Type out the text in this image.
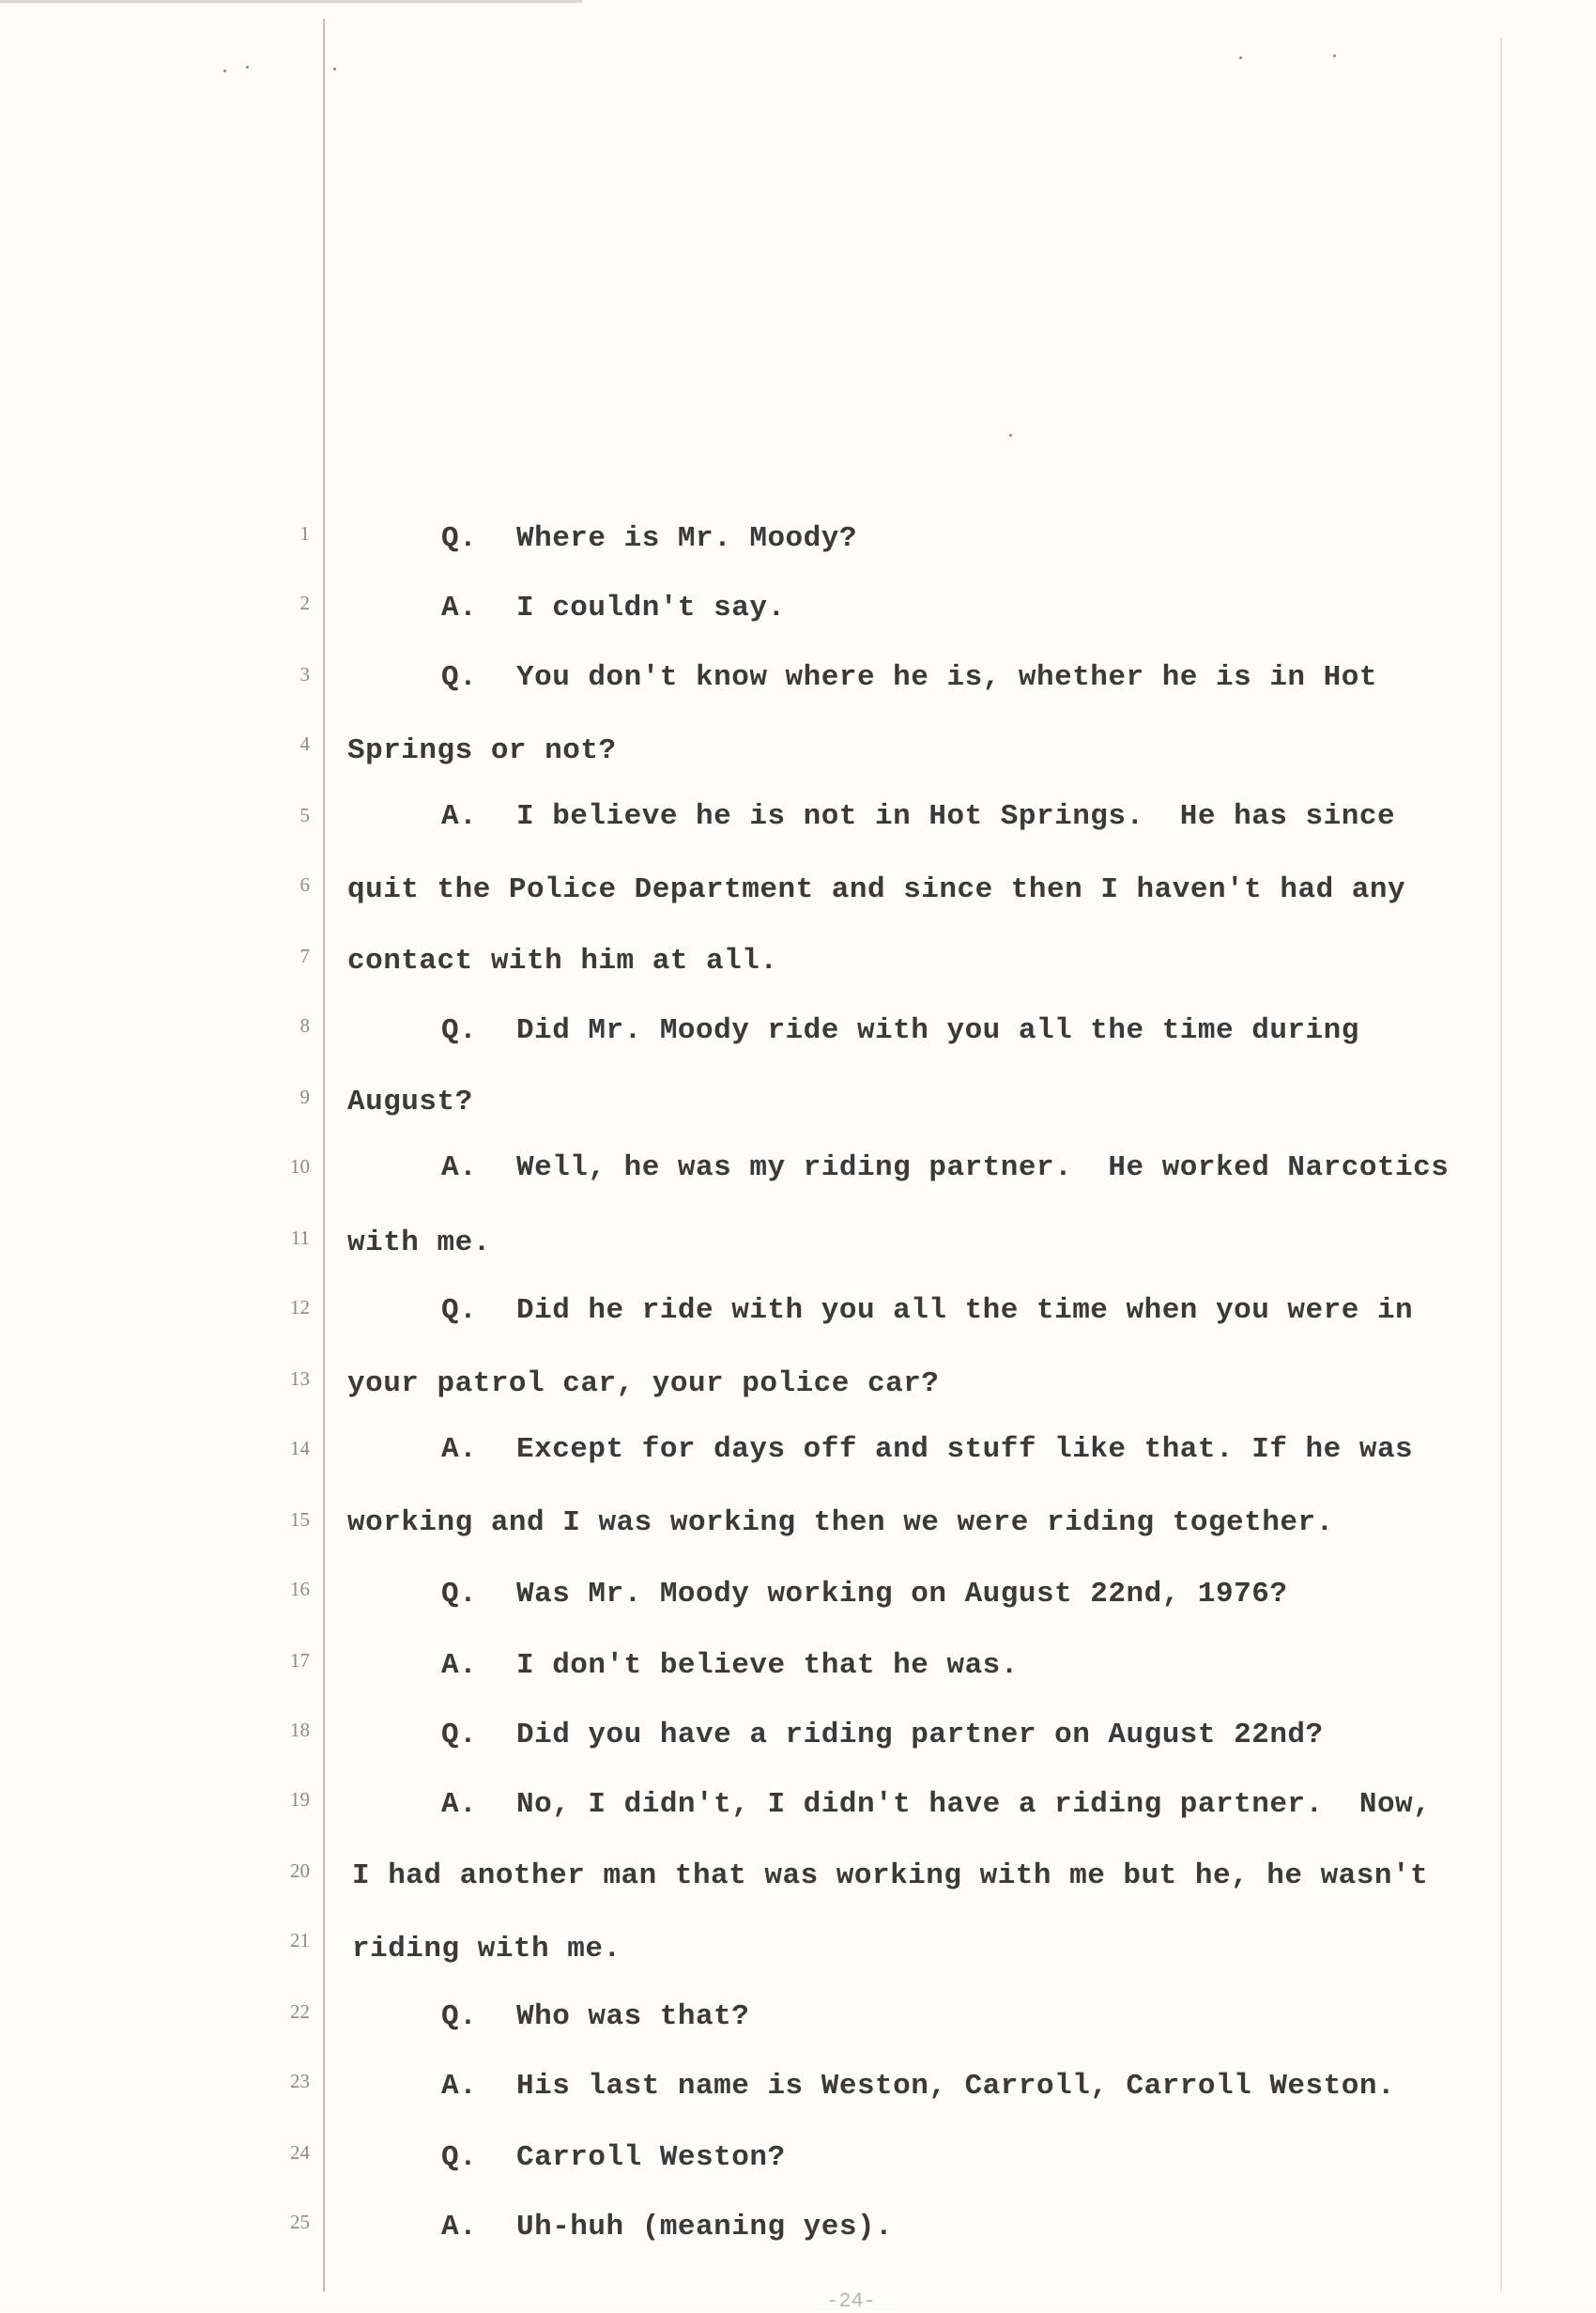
1
2
3
4
5
6
7
8
9
10
11
12
13
14
15
16
17
18
19
20
21
22
23
24
25
Q. Where is Mr. Moody?
A. I couldn't say.
Q. You don't know where he is, whether he is in Hot
Springs or not?
A. I believe he is not in Hot Springs.  He has since
quit the Police Department and since then I haven't had any
contact with him at all.
Q. Did Mr. Moody ride with you all the time during
August?
A. Well, he was my riding partner.  He worked Narcotics
with me.
Q. Did he ride with you all the time when you were in
your patrol car, your police car?
A. Except for days off and stuff like that. If he was
working and I was working then we were riding together.
Q. Was Mr. Moody working on August 22nd, 1976?
A. I don't believe that he was.
Q. Did you have a riding partner on August 22nd?
A. No, I didn't, I didn't have a riding partner.  Now,
I had another man that was working with me but he, he wasn't
riding with me.
Q. Who was that?
A. His last name is Weston, Carroll, Carroll Weston.
Q. Carroll Weston?
A. Uh-huh (meaning yes).
-24-
